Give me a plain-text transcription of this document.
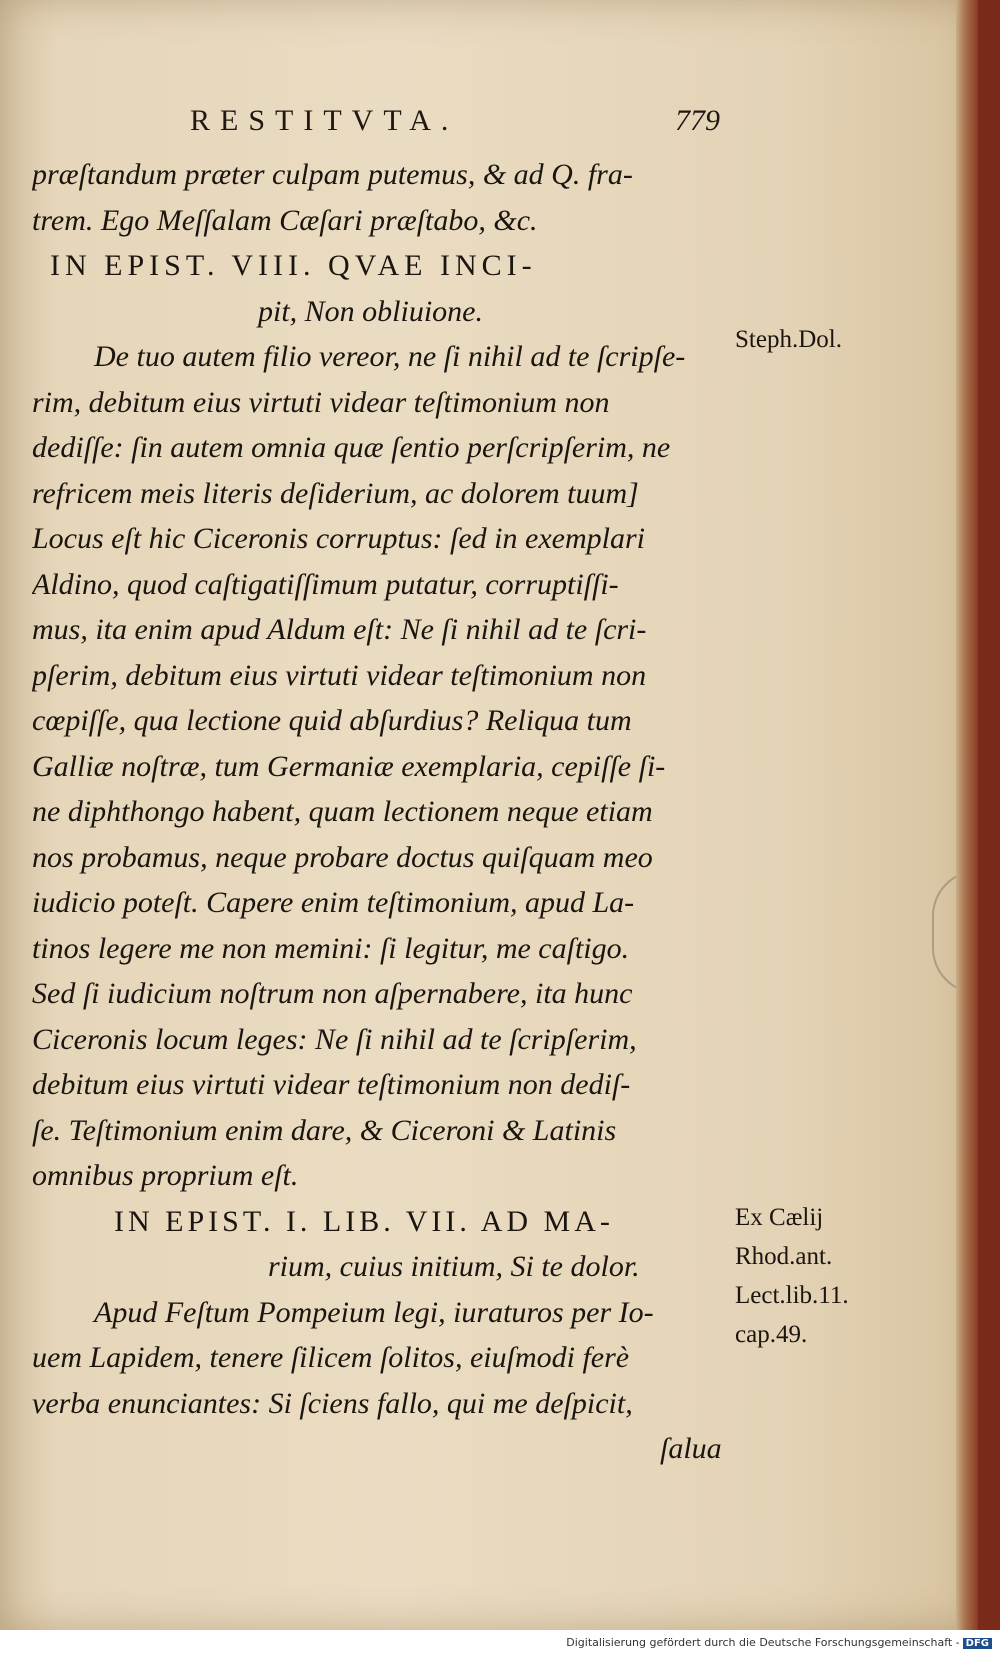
RESTITVTA.	779
præſtandum præter culpam putemus, & ad Q. fra-
trem. Ego Meſſalam Cæſari præſtabo, &c.
IN EPIST. VIII. QVAE INCI-
pit, Non obliuione.
De tuo autem filio vereor, ne ſi nihil ad te ſcripſe-
rim, debitum eius virtuti videar teſtimonium non
dediſſe: ſin autem omnia quæ ſentio perſcripſerim, ne
refricem meis literis deſiderium, ac dolorem tuum]
Locus eſt hic Ciceronis corruptus: ſed in exemplari
Aldino, quod caſtigatiſſimum putatur, corruptiſſi-
mus, ita enim apud Aldum eſt: Ne ſi nihil ad te ſcri-
pſerim, debitum eius virtuti videar teſtimonium non
cœpiſſe, qua lectione quid abſurdius? Reliqua tum
Galliæ noſtræ, tum Germaniæ exemplaria, cepiſſe ſi-
ne diphthongo habent, quam lectionem neque etiam
nos probamus, neque probare doctus quiſquam meo
iudicio poteſt. Capere enim teſtimonium, apud La-
tinos legere me non memini: ſi legitur, me caſtigo.
Sed ſi iudicium noſtrum non aſpernabere, ita hunc
Ciceronis locum leges: Ne ſi nihil ad te ſcripſerim,
debitum eius virtuti videar teſtimonium non dediſ-
ſe. Teſtimonium enim dare, & Ciceroni & Latinis
omnibus proprium eſt.
IN EPIST. I. LIB. VII. AD MA-
rium, cuius initium, Si te dolor.
Apud Feſtum Pompeium legi, iuraturos per Io-
uem Lapidem, tenere ſilicem ſolitos, eiuſmodi ferè
verba enunciantes: Si ſciens fallo, qui me deſpicit,
ſalua
Steph.Dol.
Ex Cælij
Rhod.ant.
Lect.lib.11.
cap.49.
Digitalisierung gefördert durch die Deutsche Forschungsgemeinschaft - DFG
